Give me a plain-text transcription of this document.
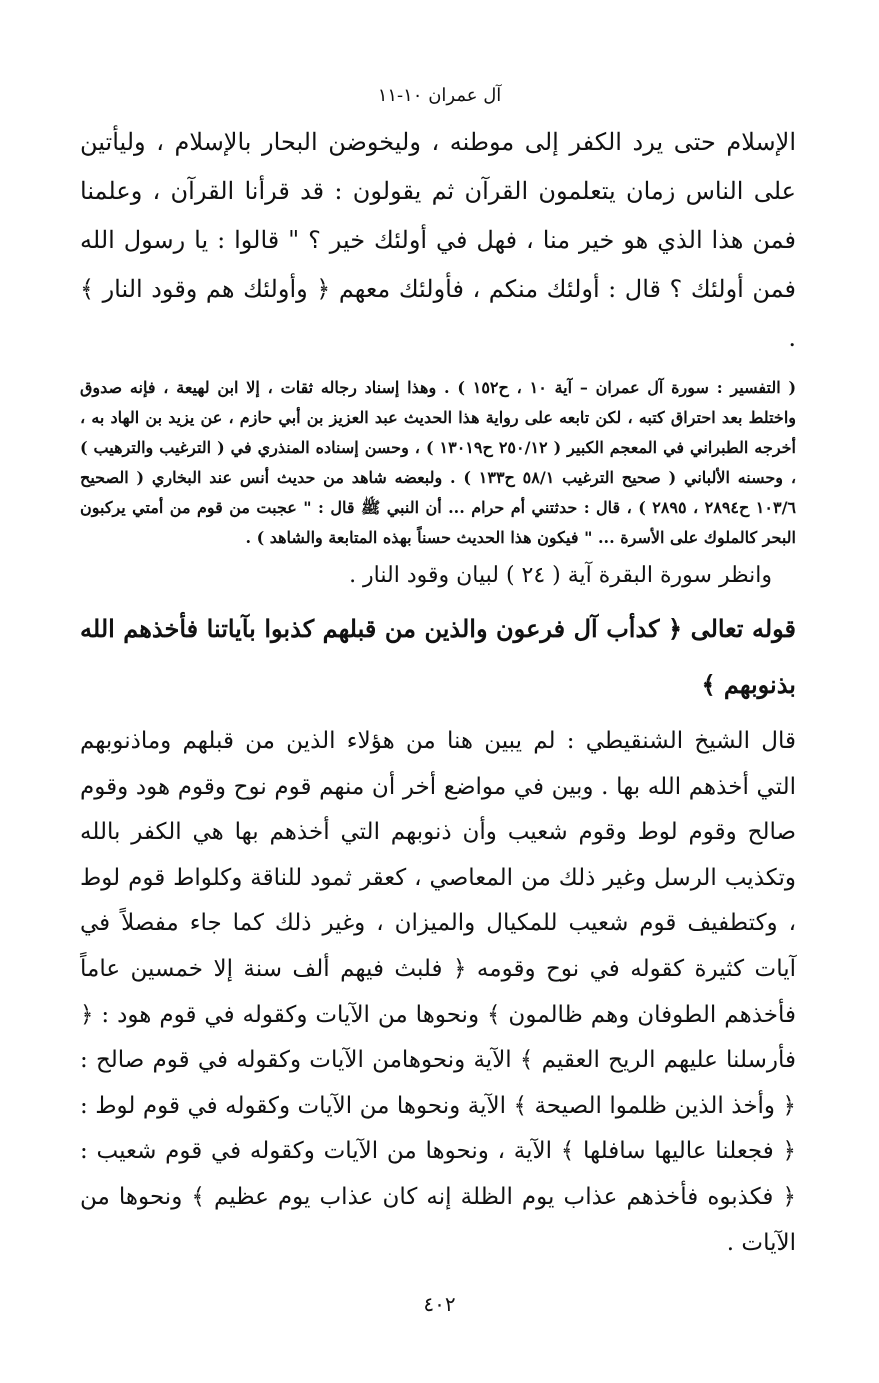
آل عمران ١٠-١١

الإسلام حتى يرد الكفر إلى موطنه ، وليخوضن البحار بالإسلام ، وليأتين على الناس زمان يتعلمون القرآن ثم يقولون : قد قرأنا القرآن ، وعلمنا فمن هذا الذي هو خير منا ، فهل في أولئك خير ؟ " قالوا : يا رسول الله فمن أولئك ؟ قال : أولئك منكم ، فأولئك معهم ﴿ وأولئك هم وقود النار ﴾ .

( التفسير : سورة آل عمران – آية ١٠ ، ح١٥٢ ) . وهذا إسناد رجاله ثقات ، إلا ابن لهيعة ، فإنه صدوق واختلط بعد احتراق كتبه ، لكن تابعه على رواية هذا الحديث عبد العزيز بن أبي حازم ، عن يزيد بن الهاد به ، أخرجه الطبراني في المعجم الكبير ( ٢٥٠/١٢ ح١٣٠١٩ ) ، وحسن إسناده المنذري في ( الترغيب والترهيب ) ، وحسنه الألباني ( صحيح الترغيب ٥٨/١ ح١٣٣ ) . ولبعضه شاهد من حديث أنس عند البخاري ( الصحيح ١٠٣/٦ ح٢٨٩٤ ، ٢٨٩٥ ) ، قال : حدثتني أم حرام ... أن النبي ﷺ قال : " عجبت من قوم من أمتي يركبون البحر كالملوك على الأسرة ... " فيكون هذا الحديث حسناً بهذه المتابعة والشاهد ) .

وانظر سورة البقرة آية ( ٢٤ ) لبيان وقود النار .

قوله تعالى ﴿ كدأب آل فرعون والذين من قبلهم كذبوا بآياتنا فأخذهم الله بذنوبهم ﴾

قال الشيخ الشنقيطي : لم يبين هنا من هؤلاء الذين من قبلهم وماذنوبهم التي أخذهم الله بها . وبين في مواضع أخر أن منهم قوم نوح وقوم هود وقوم صالح وقوم لوط وقوم شعيب وأن ذنوبهم التي أخذهم بها هي الكفر بالله وتكذيب الرسل وغير ذلك من المعاصي ، كعقر ثمود للناقة وكلواط قوم لوط ، وكتطفيف قوم شعيب للمكيال والميزان ، وغير ذلك كما جاء مفصلاً في آيات كثيرة كقوله في نوح وقومه ﴿ فلبث فيهم ألف سنة إلا خمسين عاماً فأخذهم الطوفان وهم ظالمون ﴾ ونحوها من الآيات وكقوله في قوم هود : ﴿ فأرسلنا عليهم الريح العقيم ﴾ الآية ونحوهامن الآيات وكقوله في قوم صالح : ﴿ وأخذ الذين ظلموا الصيحة ﴾ الآية ونحوها من الآيات وكقوله في قوم لوط : ﴿ فجعلنا عاليها سافلها ﴾ الآية ، ونحوها من الآيات وكقوله في قوم شعيب : ﴿ فكذبوه فأخذهم عذاب يوم الظلة إنه كان عذاب يوم عظيم ﴾ ونحوها من الآيات .

٤٠٢
